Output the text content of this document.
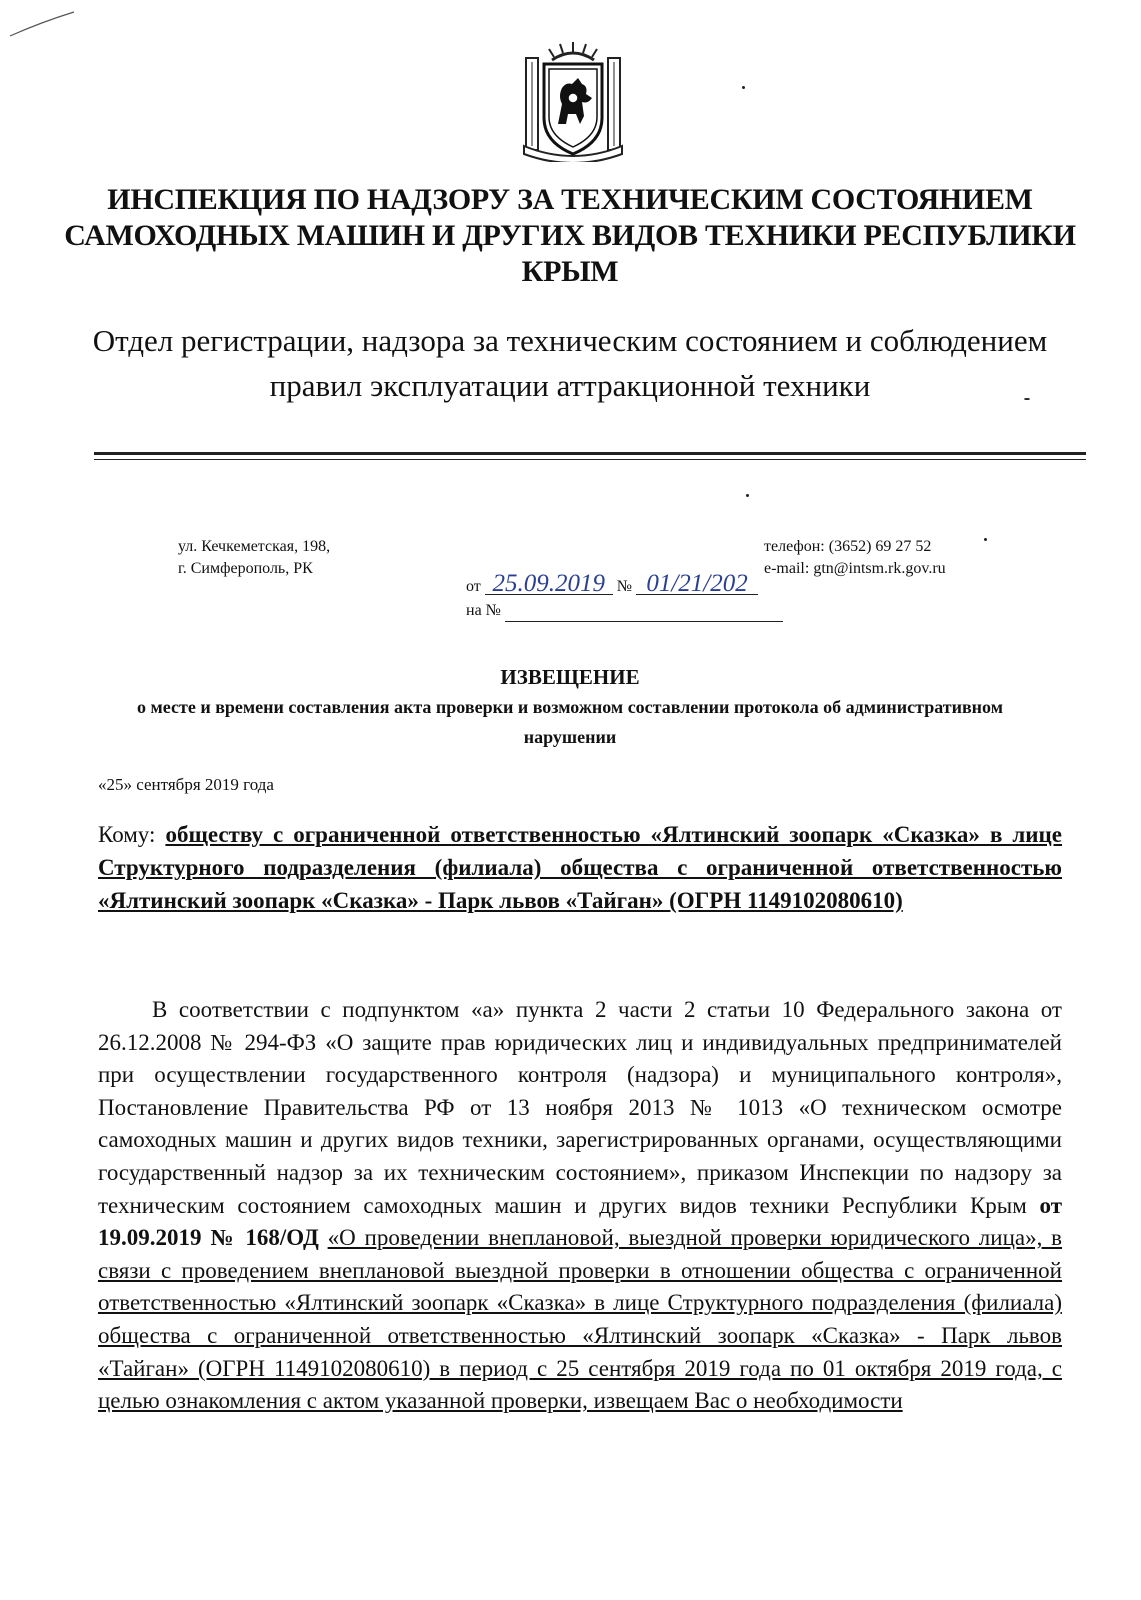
ИНСПЕКЦИЯ ПО НАДЗОРУ ЗА ТЕХНИЧЕСКИМ СОСТОЯНИЕМ САМОХОДНЫХ МАШИН И ДРУГИХ ВИДОВ ТЕХНИКИ РЕСПУБЛИКИ КРЫМ
Отдел регистрации, надзора за техническим состоянием и соблюдением правил эксплуатации аттракционной техники
ул. Кечкеметская, 198,
г. Симферополь, РК
телефон: (3652) 69 27 52
e-mail: gtn@intsm.rk.gov.ru
от 25.09.2019 № 01/21/202
на №
ИЗВЕЩЕНИЕ
о месте и времени составления акта проверки и возможном составлении протокола об административном нарушении
«25» сентября 2019 года
Кому: обществу с ограниченной ответственностью «Ялтинский зоопарк «Сказка» в лице Структурного подразделения (филиала) общества с ограниченной ответственностью «Ялтинский зоопарк «Сказка» - Парк львов «Тайган» (ОГРН 1149102080610)
В соответствии с подпунктом «а» пункта 2 части 2 статьи 10 Федерального закона от 26.12.2008 № 294-ФЗ «О защите прав юридических лиц и индивидуальных предпринимателей при осуществлении государственного контроля (надзора) и муниципального контроля», Постановление Правительства РФ от 13 ноября 2013 № 1013 «О техническом осмотре самоходных машин и других видов техники, зарегистрированных органами, осуществляющими государственный надзор за их техническим состоянием», приказом Инспекции по надзору за техническим состоянием самоходных машин и других видов техники Республики Крым от 19.09.2019 № 168/ОД «О проведении внеплановой, выездной проверки юридического лица», в связи с проведением внеплановой выездной проверки в отношении общества с ограниченной ответственностью «Ялтинский зоопарк «Сказка» в лице Структурного подразделения (филиала) общества с ограниченной ответственностью «Ялтинский зоопарк «Сказка» - Парк львов «Тайган» (ОГРН 1149102080610) в период с 25 сентября 2019 года по 01 октября 2019 года, с целью ознакомления с актом указанной проверки, извещаем Вас о необходимости
